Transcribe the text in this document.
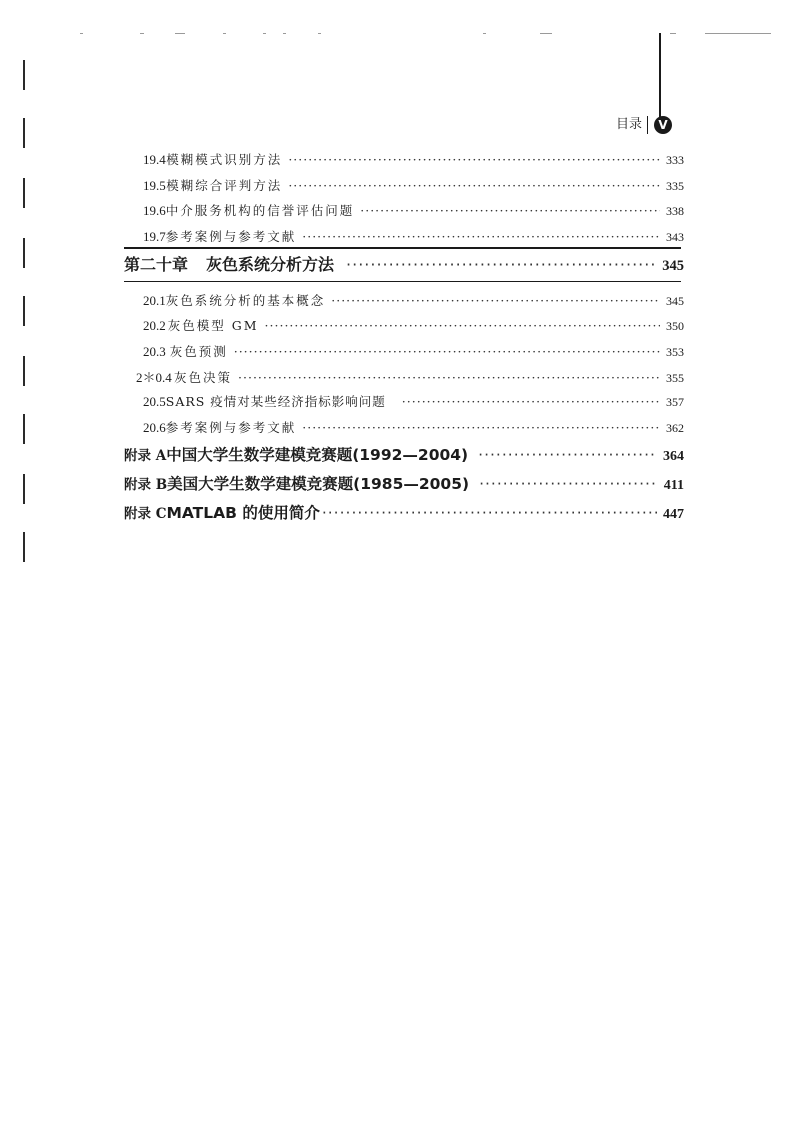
目录	V
19.4 模糊模式识别方法 ·····	333
19.5 模糊综合评判方法 ·····	335
19.6 中介服务机构的信誉评估问题 ·····	338
19.7 参考案例与参考文献 ·····	343
第二十章 灰色系统分析方法 ·····	345
20.1 灰色系统分析的基本概念 ·····	345
20.2 灰色模型 GM ·····	350
20.3 灰色预测 ·····	353
2＊0.4 灰色决策 ·····	355
20.5 SARS 疫情对某些经济指标影响问题 ·····	357
20.6 参考案例与参考文献 ·····	362
附录 A 中国大学生数学建模竞赛题(1992—2004) ·····	364
附录 B 美国大学生数学建模竞赛题(1985—2005) ·····	411
附录 C MATLAB 的使用简介 ·····	447
